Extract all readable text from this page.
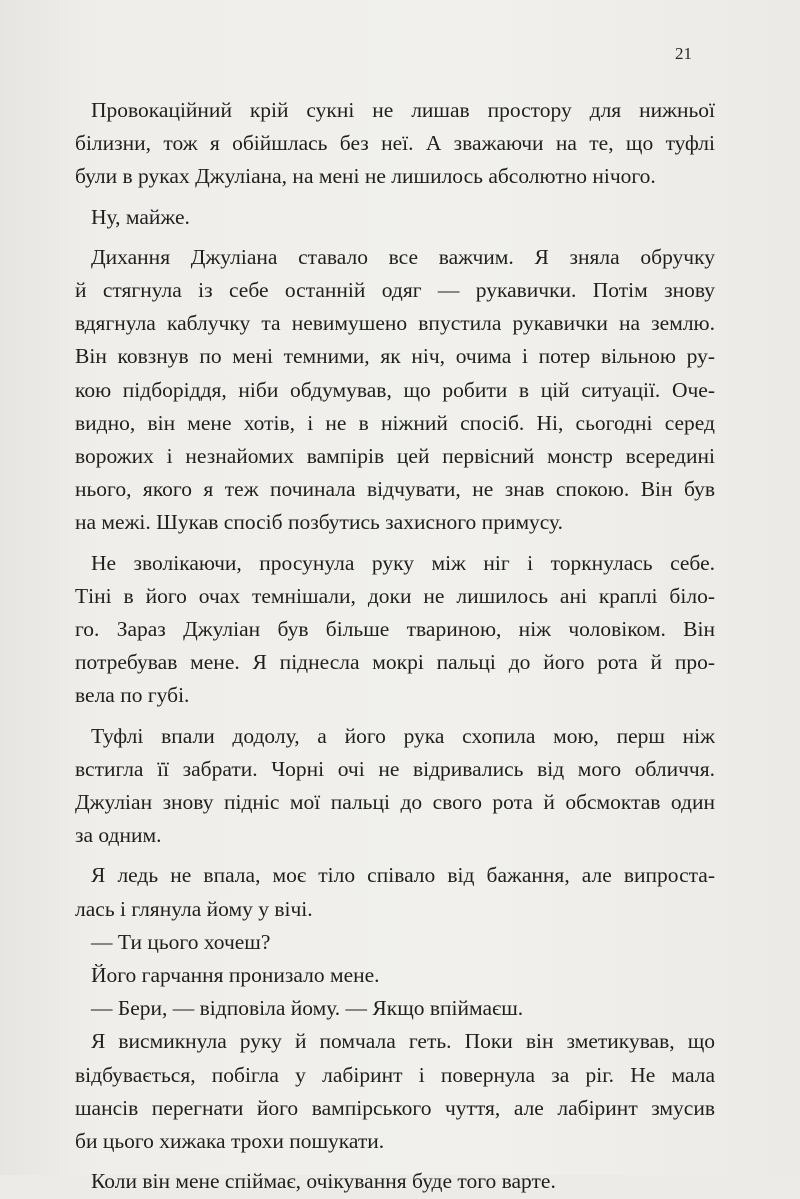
21
Провокаційний крій сукні не лишав простору для нижньої
білизни, тож я обійшлась без неї. А зважаючи на те, що туфлі
були в руках Джуліана, на мені не лишилось абсолютно нічого.
Ну, майже.
Дихання Джуліана ставало все важчим. Я зняла обручку
й стягнула із себе останній одяг — рукавички. Потім знову
вдягнула каблучку та невимушено впустила рукавички на землю.
Він ковзнув по мені темними, як ніч, очима і потер вільною ру-
кою підборіддя, ніби обдумував, що робити в цій ситуації. Оче-
видно, він мене хотів, і не в ніжний спосіб. Ні, сьогодні серед
ворожих і незнайомих вампірів цей первісний монстр всередині
нього, якого я теж починала відчувати, не знав спокою. Він був
на межі. Шукав спосіб позбутись захисного примусу.
Не зволікаючи, просунула руку між ніг і торкнулась себе.
Тіні в його очах темнішали, доки не лишилось ані краплі біло-
го. Зараз Джуліан був більше твариною, ніж чоловіком. Він
потребував мене. Я піднесла мокрі пальці до його рота й про-
вела по губі.
Туфлі впали додолу, а його рука схопила мою, перш ніж
встигла її забрати. Чорні очі не відривались від мого обличчя.
Джуліан знову підніс мої пальці до свого рота й обсмоктав один
за одним.
Я ледь не впала, моє тіло співало від бажання, але випроста-
лась і глянула йому у вічі.
— Ти цього хочеш?
Його гарчання пронизало мене.
— Бери, — відповіла йому. — Якщо впіймаєш.
Я висмикнула руку й помчала геть. Поки він зметикував, що
відбувається, побігла у лабіринт і повернула за ріг. Не мала
шансів перегнати його вампірського чуття, але лабіринт змусив
би цього хижака трохи пошукати.
Коли він мене спіймає, очікування буде того варте.
